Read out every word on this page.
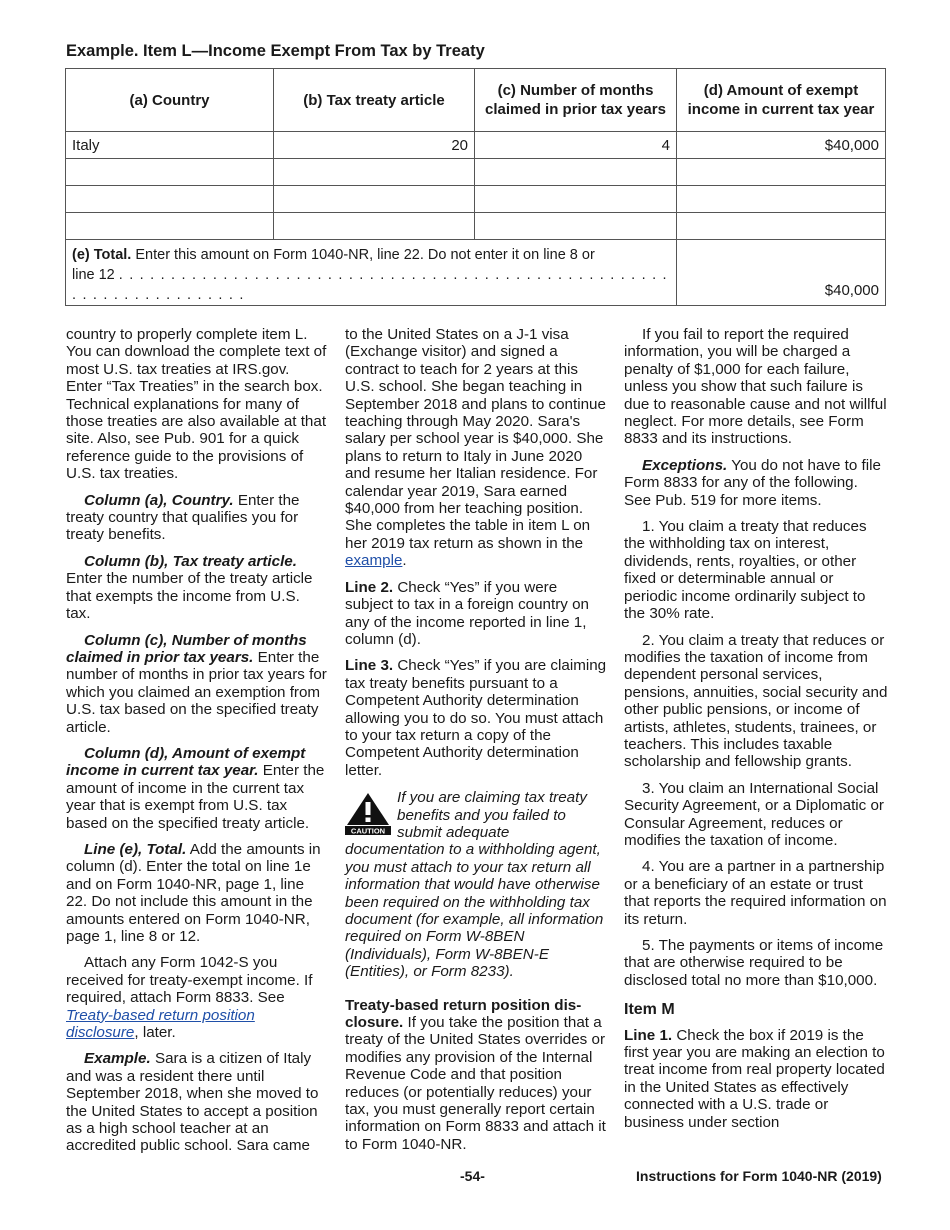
Example. Item L—Income Exempt From Tax by Treaty
(a) Country	(b) Tax treaty article	(c) Number of months claimed in prior tax years	(d) Amount of exempt income in current tax year
Italy	20	4	$40,000

(e) Total. Enter this amount on Form 1040-NR, line 22. Do not enter it on line 8 or
line 12 . . . . . . . . . . . . . . . . . . . . . . . . . . . . . . . . . . . . . . . . . . . . . . . . . . . . . . . . . . . . . . . . . . . . . .			$40,000

country to properly complete item L. You can download the complete text of most U.S. tax treaties at IRS.gov. Enter “Tax Treaties” in the search box. Technical explanations for many of those treaties are also available at that site. Also, see Pub. 901 for a quick reference guide to the provisions of U.S. tax treaties.

Column (a), Country. Enter the treaty country that qualifies you for treaty benefits.

Column (b), Tax treaty article. Enter the number of the treaty article that exempts the income from U.S. tax.

Column (c), Number of months claimed in prior tax years. Enter the number of months in prior tax years for which you claimed an exemption from U.S. tax based on the specified treaty article.

Column (d), Amount of exempt income in current tax year. Enter the amount of income in the current tax year that is exempt from U.S. tax based on the specified treaty article.

Line (e), Total. Add the amounts in column (d). Enter the total on line 1e and on Form 1040-NR, page 1, line 22. Do not include this amount in the amounts entered on Form 1040-NR, page 1, line 8 or 12.

Attach any Form 1042-S you received for treaty-exempt income. If required, attach Form 8833. See Treaty-based return position disclosure, later.

Example. Sara is a citizen of Italy and was a resident there until September 2018, when she moved to the United States to accept a position as a high school teacher at an accredited public school. Sara came

to the United States on a J-1 visa (Exchange visitor) and signed a contract to teach for 2 years at this U.S. school. She began teaching in September 2018 and plans to continue teaching through May 2020. Sara's salary per school year is $40,000. She plans to return to Italy in June 2020 and resume her Italian residence. For calendar year 2019, Sara earned $40,000 from her teaching position. She completes the table in item L on her 2019 tax return as shown in the example.

Line 2. Check “Yes” if you were subject to tax in a foreign country on any of the income reported in line 1, column (d).

Line 3. Check “Yes” if you are claiming tax treaty benefits pursuant to a Competent Authority determination allowing you to do so. You must attach to your tax return a copy of the Competent Authority determination letter.

CAUTION
If you are claiming tax treaty benefits and you failed to submit adequate documentation to a withholding agent, you must attach to your tax return all information that would have otherwise been required on the withholding tax document (for example, all information required on Form W-8BEN (Individuals), Form W-8BEN-E (Entities), or Form 8233).

Treaty-based return position disclosure. If you take the position that a treaty of the United States overrides or modifies any provision of the Internal Revenue Code and that position reduces (or potentially reduces) your tax, you must generally report certain information on Form 8833 and attach it to Form 1040-NR.

If you fail to report the required information, you will be charged a penalty of $1,000 for each failure, unless you show that such failure is due to reasonable cause and not willful neglect. For more details, see Form 8833 and its instructions.

Exceptions. You do not have to file Form 8833 for any of the following. See Pub. 519 for more items.

1. You claim a treaty that reduces the withholding tax on interest, dividends, rents, royalties, or other fixed or determinable annual or periodic income ordinarily subject to the 30% rate.

2. You claim a treaty that reduces or modifies the taxation of income from dependent personal services, pensions, annuities, social security and other public pensions, or income of artists, athletes, students, trainees, or teachers. This includes taxable scholarship and fellowship grants.

3. You claim an International Social Security Agreement, or a Diplomatic or Consular Agreement, reduces or modifies the taxation of income.

4. You are a partner in a partnership or a beneficiary of an estate or trust that reports the required information on its return.

5. The payments or items of income that are otherwise required to be disclosed total no more than $10,000.

Item M

Line 1. Check the box if 2019 is the first year you are making an election to treat income from real property located in the United States as effectively connected with a U.S. trade or business under section

-54-	Instructions for Form 1040-NR (2019)
